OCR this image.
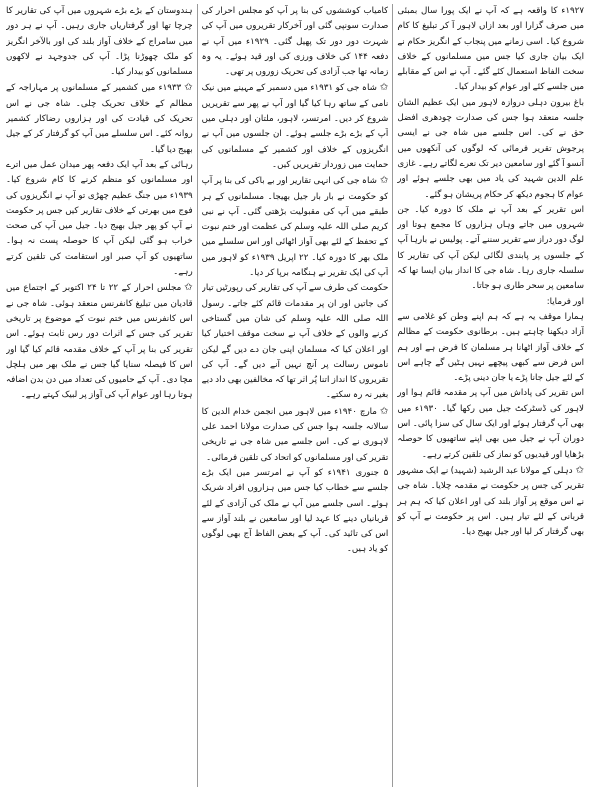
۱۹۲۷ء کا واقعہ ہے کہ آپ نے ایک پورا سال بمبئی میں صرف گزارا اور بعد ازاں لاہور آ کر تبلیغ کا کام شروع کیا۔ اسی زمانے میں پنجاب کے انگریز حکام نے ایک بیان جاری کیا جس میں مسلمانوں کے خلاف سخت الفاظ استعمال کئے گئے۔ آپ نے اس کے مقابلے میں جلسے کئے اور عوام کو بیدار کیا۔

باغ بیرون دہلی دروازہ لاہور میں ایک عظیم الشان جلسہ منعقد ہوا جس کی صدارت چودھری افضل حق نے کی۔ اس جلسے میں شاہ جی نے ایسی پرجوش تقریر فرمائی کہ لوگوں کی آنکھوں میں آنسو آ گئے اور سامعین دیر تک نعرے لگاتے رہے۔ غازی علم الدین شہید کی یاد میں بھی جلسے ہوئے اور عوام کا ہجوم دیکھ کر حکام پریشان ہو گئے۔

اس تقریر کے بعد آپ نے ملک کا دورہ کیا۔ جن شہروں میں جاتے وہاں ہزاروں کا مجمع ہوتا اور لوگ دور دراز سے تقریر سننے آتے۔ پولیس نے بارہا آپ کے جلسوں پر پابندی لگائی لیکن آپ کی تقاریر کا سلسلہ جاری رہا۔ شاہ جی کا انداز بیان ایسا تھا کہ سامعین پر سحر طاری ہو جاتا۔

اور فرمایا:

ہمارا موقف یہ ہے کہ ہم اپنے وطن کو غلامی سے آزاد دیکھنا چاہتے ہیں۔ برطانوی حکومت کے مظالم کے خلاف آواز اٹھانا ہر مسلمان کا فرض ہے اور ہم اس فرض سے کبھی پیچھے نہیں ہٹیں گے چاہے اس کے لئے جیل جانا پڑے یا جان دینی پڑے۔

اس تقریر کی پاداش میں آپ پر مقدمہ قائم ہوا اور لاہور کی ڈسٹرکٹ جیل میں رکھا گیا۔ ۱۹۳۰ء میں بھی آپ گرفتار ہوئے اور ایک سال کی سزا پائی۔ اس دوران آپ نے جیل میں بھی اپنے ساتھیوں کا حوصلہ بڑھایا اور قیدیوں کو نماز کی تلقین کرتے رہے۔

✩دہلی کے مولانا عبد الرشید (شہید) نے ایک مشہور تقریر کی جس پر حکومت نے مقدمہ چلایا۔ شاہ جی نے اس موقع پر آواز بلند کی اور اعلان کیا کہ ہم ہر قربانی کے لئے تیار ہیں۔ اس پر حکومت نے آپ کو بھی گرفتار کر لیا اور جیل بھیج دیا۔

کامیاب کوششوں کی بنا پر آپ کو مجلس احرار کی صدارت سونپی گئی اور آخرکار تقریروں میں آپ کی شہرت دور دور تک پھیل گئی۔ ۱۹۲۹ء میں آپ نے دفعہ ۱۴۴ کی خلاف ورزی کی اور قید ہوئے۔ یہ وہ زمانہ تھا جب آزادی کی تحریک زوروں پر تھی۔

✩شاہ جی کو ۱۹۳۱ء میں دسمبر کے مہینے میں نیک نامی کے ساتھ رہا کیا گیا اور آپ نے پھر سے تقریریں شروع کر دیں۔ امرتسر، لاہور، ملتان اور دہلی میں آپ کے بڑے بڑے جلسے ہوئے۔ ان جلسوں میں آپ نے انگریزوں کے خلاف اور کشمیر کے مسلمانوں کی حمایت میں زوردار تقریریں کیں۔

✩شاہ جی کی انہی تقاریر اور بے باکی کی بنا پر آپ کو حکومت نے بار بار جیل بھیجا۔ مسلمانوں کے ہر طبقے میں آپ کی مقبولیت بڑھتی گئی۔ آپ نے نبی کریم صلی اللہ علیہ وسلم کی عظمت اور ختم نبوت کے تحفظ کے لئے بھی آواز اٹھائی اور اس سلسلے میں ملک بھر کا دورہ کیا۔ ۲۲ اپریل ۱۹۳۹ء کو لاہور میں آپ کی ایک تقریر نے ہنگامہ برپا کر دیا۔

حکومت کی طرف سے آپ کی تقاریر کی رپورٹیں تیار کی جاتیں اور ان پر مقدمات قائم کئے جاتے۔ رسول اللہ صلی اللہ علیہ وسلم کی شان میں گستاخی کرنے والوں کے خلاف آپ نے سخت موقف اختیار کیا اور اعلان کیا کہ مسلمان اپنی جان دے دیں گے لیکن ناموس رسالت پر آنچ نہیں آنے دیں گے۔ آپ کی تقریروں کا انداز اتنا پُر اثر تھا کہ مخالفین بھی داد دیے بغیر نہ رہ سکتے۔

✩مارچ ۱۹۴۰ء میں لاہور میں انجمن خدام الدین کا سالانہ جلسہ ہوا جس کی صدارت مولانا احمد علی لاہوری نے کی۔ اس جلسے میں شاہ جی نے تاریخی تقریر کی اور مسلمانوں کو اتحاد کی تلقین فرمائی۔

۵ جنوری ۱۹۴۱ء کو آپ نے امرتسر میں ایک بڑے جلسے سے خطاب کیا جس میں ہزاروں افراد شریک ہوئے۔ اسی جلسے میں آپ نے ملک کی آزادی کے لئے قربانیاں دینے کا عہد لیا اور سامعین نے بلند آواز سے اس کی تائید کی۔ آپ کے بعض الفاظ آج بھی لوگوں کو یاد ہیں۔

ہندوستان کے بڑے بڑے شہروں میں آپ کی تقاریر کا چرچا تھا اور گرفتاریاں جاری رہیں۔ آپ نے ہر دور میں سامراج کے خلاف آواز بلند کی اور بالآخر انگریز کو ملک چھوڑنا پڑا۔ آپ کی جدوجہد نے لاکھوں مسلمانوں کو بیدار کیا۔

✩۱۹۳۳ء میں کشمیر کے مسلمانوں پر مہاراجہ کے مظالم کے خلاف تحریک چلی۔ شاہ جی نے اس تحریک کی قیادت کی اور ہزاروں رضاکار کشمیر روانہ کئے۔ اس سلسلے میں آپ کو گرفتار کر کے جیل بھیج دیا گیا۔

رہائی کے بعد آپ ایک دفعہ پھر میدان عمل میں اترے اور مسلمانوں کو منظم کرنے کا کام شروع کیا۔ ۱۹۳۹ء میں جنگ عظیم چھڑی تو آپ نے انگریزوں کی فوج میں بھرتی کے خلاف تقاریر کیں جس پر حکومت نے آپ کو پھر جیل بھیج دیا۔ جیل میں آپ کی صحت خراب ہو گئی لیکن آپ کا حوصلہ پست نہ ہوا۔ ساتھیوں کو آپ صبر اور استقامت کی تلقین کرتے رہے۔

✩مجلس احرار کے ۲۲ تا ۲۴ اکتوبر کے اجتماع میں قادیان میں تبلیغ کانفرنس منعقد ہوئی۔ شاہ جی نے اس کانفرنس میں ختم نبوت کے موضوع پر تاریخی تقریر کی جس کے اثرات دور رس ثابت ہوئے۔ اس تقریر کی بنا پر آپ کے خلاف مقدمہ قائم کیا گیا اور اس کا فیصلہ سنایا گیا جس نے ملک بھر میں ہلچل مچا دی۔ آپ کے حامیوں کی تعداد میں دن بدن اضافہ ہوتا رہا اور عوام آپ کی آواز پر لبیک کہتے رہے۔
